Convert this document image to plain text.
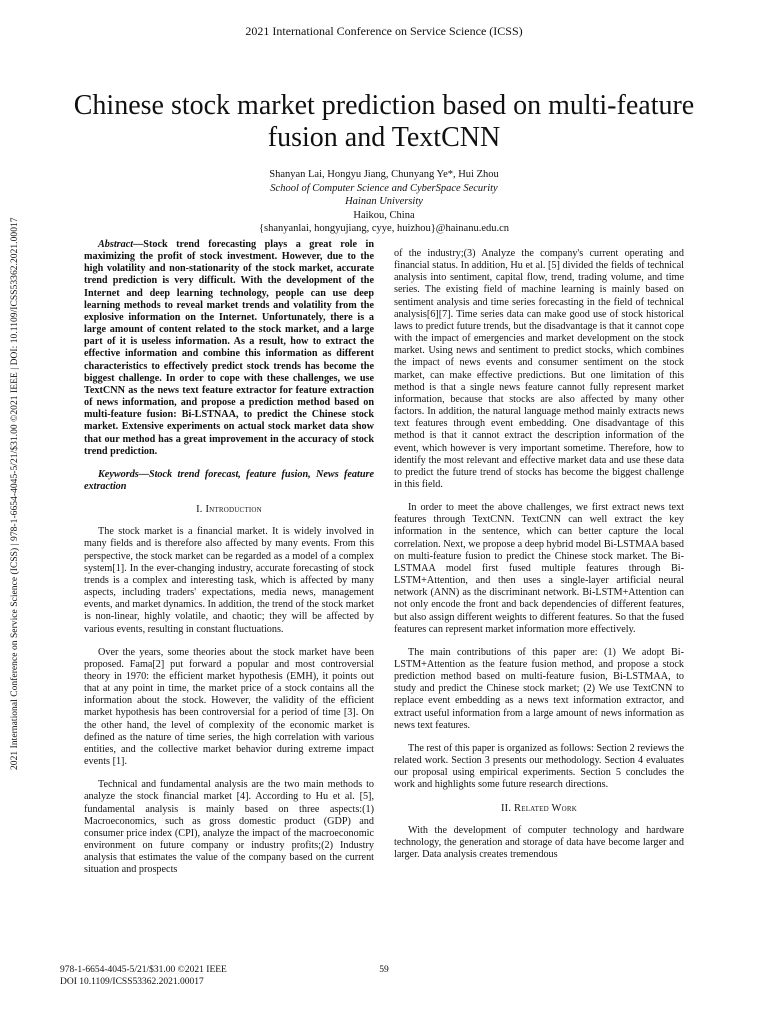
2021 International Conference on Service Science (ICSS)
Chinese stock market prediction based on multi-feature fusion and TextCNN
Shanyan Lai, Hongyu Jiang, Chunyang Ye*, Hui Zhou
School of Computer Science and CyberSpace Security
Hainan University
Haikou, China
{shanyanlai, hongyujiang, cyye, huizhou}@hainanu.edu.cn
2021 International Conference on Service Science (ICSS) | 978-1-6654-4045-5/21/$31.00 ©2021 IEEE | DOI: 10.1109/ICSS53362.2021.00017	Abstract—Stock trend forecasting plays a great role in maximizing the profit of stock investment. However, due to the high volatility and non-stationarity of the stock market, accurate trend prediction is very difficult. With the development of the Internet and deep learning technology, people can use deep learning methods to reveal market trends and volatility from the explosive information on the Internet. Unfortunately, there is a large amount of content related to the stock market, and a large part of it is useless information. As a result, how to extract the effective information and combine this information as different characteristics to effectively predict stock trends has become the biggest challenge. In order to cope with these challenges, we use TextCNN as the news text feature extractor for feature extraction of news information, and propose a prediction method based on multi-feature fusion: Bi-LSTNAA, to predict the Chinese stock market. Extensive experiments on actual stock market data show that our method has a great improvement in the accuracy of stock trend prediction.

Keywords—Stock trend forecast, feature fusion, News feature extraction

I. Introduction

The stock market is a financial market. It is widely involved in many fields and is therefore also affected by many events. From this perspective, the stock market can be regarded as a model of a complex system[1]. In the ever-changing industry, accurate forecasting of stock trends is a complex and interesting task, which is affected by many aspects, including traders' expectations, media news, management events, and market dynamics. In addition, the trend of the stock market is non-linear, highly volatile, and chaotic; they will be affected by various events, resulting in constant fluctuations.

Over the years, some theories about the stock market have been proposed. Fama[2] put forward a popular and most controversial theory in 1970: the efficient market hypothesis (EMH), it points out that at any point in time, the market price of a stock contains all the information about the stock. However, the validity of the efficient market hypothesis has been controversial for a period of time [3]. On the other hand, the level of complexity of the economic market is defined as the nature of time series, the high correlation with various entities, and the collective market behavior during extreme impact events [1].

Technical and fundamental analysis are the two main methods to analyze the stock financial market [4]. According to Hu et al. [5], fundamental analysis is mainly based on three aspects:(1) Macroeconomics, such as gross domestic product (GDP) and consumer price index (CPI), analyze the impact of the macroeconomic environment on future company or industry profits;(2) Industry analysis that estimates the value of the company based on the current situation and prospects

of the industry;(3) Analyze the company's current operating and financial status. In addition, Hu et al. [5] divided the fields of technical analysis into sentiment, capital flow, trend, trading volume, and time series. The existing field of machine learning is mainly based on sentiment analysis and time series forecasting in the field of technical analysis[6][7]. Time series data can make good use of stock historical laws to predict future trends, but the disadvantage is that it cannot cope with the impact of emergencies and market development on the stock market. Using news and sentiment to predict stocks, which combines the impact of news events and consumer sentiment on the stock market, can make effective predictions. But one limitation of this method is that a single news feature cannot fully represent market information, because that stocks are also affected by many other factors. In addition, the natural language method mainly extracts news text features through event embedding. One disadvantage of this method is that it cannot extract the description information of the event, which however is very important sometime. Therefore, how to identify the most relevant and effective market data and use these data to predict the future trend of stocks has become the biggest challenge in this field.

In order to meet the above challenges, we first extract news text features through TextCNN. TextCNN can well extract the key information in the sentence, which can better capture the local correlation. Next, we propose a deep hybrid model Bi-LSTMAA based on multi-feature fusion to predict the Chinese stock market. The Bi-LSTMAA model first fused multiple features through Bi-LSTM+Attention, and then uses a single-layer artificial neural network (ANN) as the discriminant network. Bi-LSTM+Attention can not only encode the front and back dependencies of different features, but also assign different weights to different features. So that the fused features can represent market information more effectively.

The main contributions of this paper are: (1) We adopt Bi-LSTM+Attention as the feature fusion method, and propose a stock prediction method based on multi-feature fusion, Bi-LSTMAA, to study and predict the Chinese stock market; (2) We use TextCNN to replace event embedding as a news text information extractor, and extract useful information from a large amount of news information as news text features.

The rest of this paper is organized as follows: Section 2 reviews the related work. Section 3 presents our methodology. Section 4 evaluates our proposal using empirical experiments. Section 5 concludes the work and highlights some future research directions.

II. Related Work

With the development of computer technology and hardware technology, the generation and storage of data have become larger and larger. Data analysis creates tremendous

978-1-6654-4045-5/21/$31.00 ©2021 IEEE
DOI 10.1109/ICSS53362.2021.00017
59
